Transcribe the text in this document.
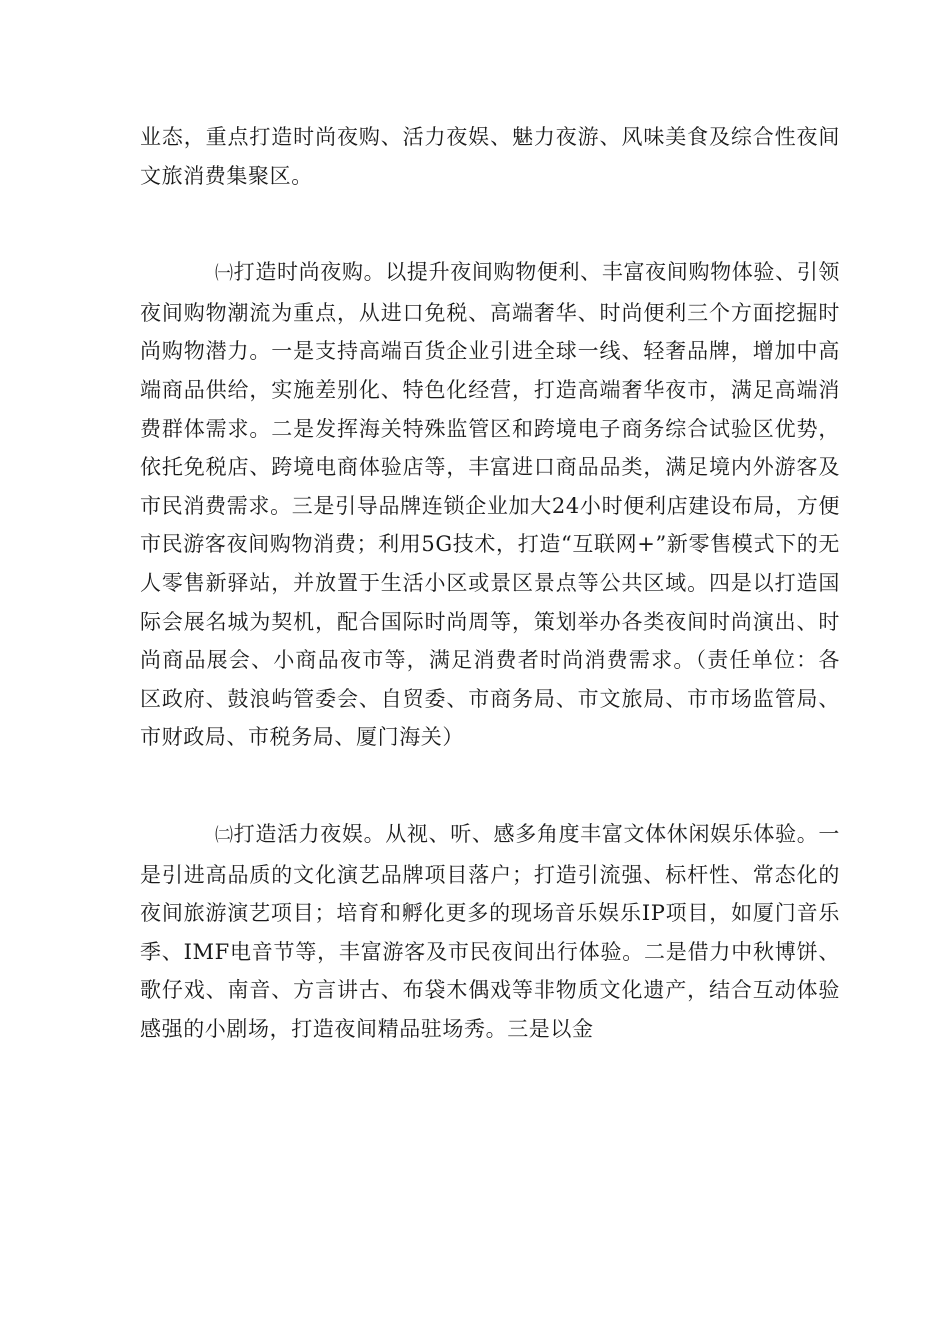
业态，重点打造时尚夜购、活力夜娱、魅力夜游、风味美食及综合性夜间文旅消费集聚区。

㈠打造时尚夜购。以提升夜间购物便利、丰富夜间购物体验、引领夜间购物潮流为重点，从进口免税、高端奢华、时尚便利三个方面挖掘时尚购物潜力。一是支持高端百货企业引进全球一线、轻奢品牌，增加中高端商品供给，实施差别化、特色化经营，打造高端奢华夜市，满足高端消费群体需求。二是发挥海关特殊监管区和跨境电子商务综合试验区优势，依托免税店、跨境电商体验店等，丰富进口商品品类，满足境内外游客及市民消费需求。三是引导品牌连锁企业加大24小时便利店建设布局，方便市民游客夜间购物消费；利用5G技术，打造“互联网+”新零售模式下的无人零售新驿站，并放置于生活小区或景区景点等公共区域。四是以打造国际会展名城为契机，配合国际时尚周等，策划举办各类夜间时尚演出、时尚商品展会、小商品夜市等，满足消费者时尚消费需求。（责任单位：各区政府、鼓浪屿管委会、自贸委、市商务局、市文旅局、市市场监管局、市财政局、市税务局、厦门海关）

㈡打造活力夜娱。从视、听、感多角度丰富文体休闲娱乐体验。一是引进高品质的文化演艺品牌项目落户；打造引流强、标杆性、常态化的夜间旅游演艺项目；培育和孵化更多的现场音乐娱乐IP项目，如厦门音乐季、IMF电音节等，丰富游客及市民夜间出行体验。二是借力中秋博饼、歌仔戏、南音、方言讲古、布袋木偶戏等非物质文化遗产，结合互动体验感强的小剧场，打造夜间精品驻场秀。三是以金
